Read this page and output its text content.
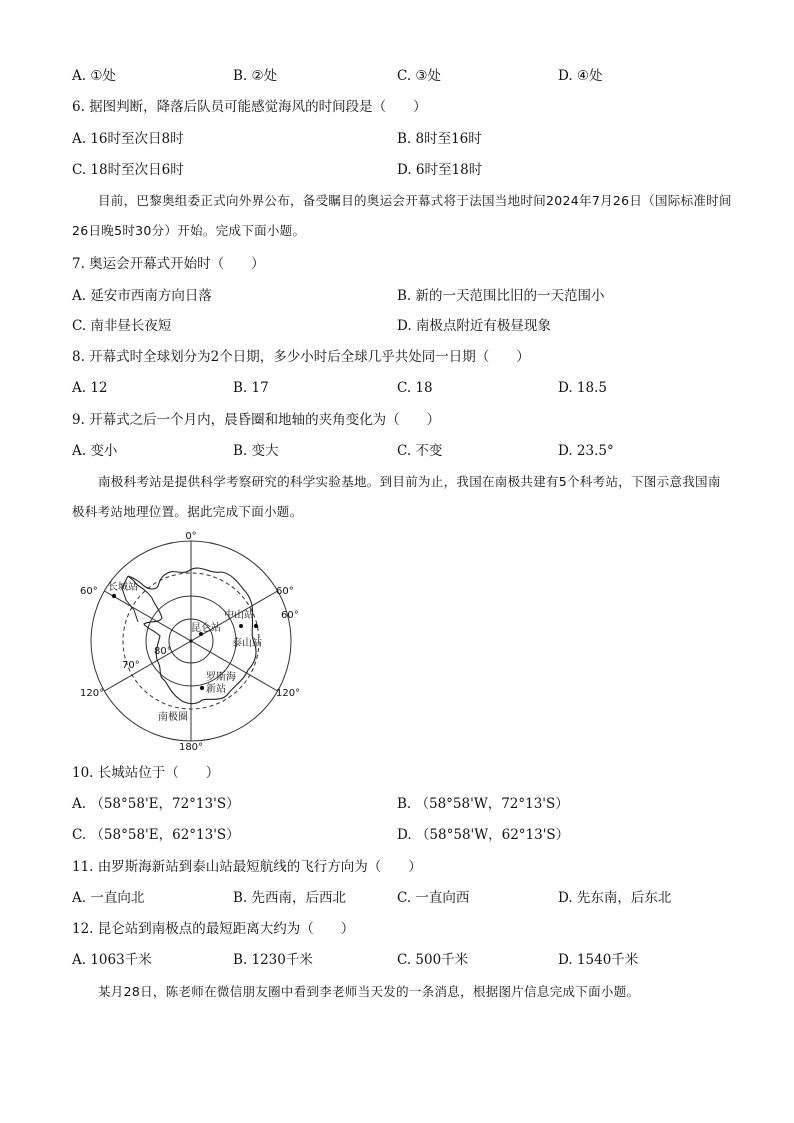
A. ①处	B. ②处	C. ③处	D. ④处
6. 据图判断，降落后队员可能感觉海风的时间段是（　　）
A. 16时至次日8时	B. 8时至16时
C. 18时至次日6时	D. 6时至18时
目前，巴黎奥组委正式向外界公布，备受瞩目的奥运会开幕式将于法国当地时间2024年7月26日（国际标准时间26日晚5时30分）开始。完成下面小题。
7. 奥运会开幕式开始时（　　）
A. 延安市西南方向日落	B. 新的一天范围比旧的一天范围小
C. 南非昼长夜短	D. 南极点附近有极昼现象
8. 开幕式时全球划分为2个日期，多少小时后全球几乎共处同一日期（　　）
A. 12	B. 17	C. 18	D. 18.5
9. 开幕式之后一个月内，晨昏圈和地轴的夹角变化为（　　）
A. 变小	B. 变大	C. 不变	D. 23.5°
南极科考站是提供科学考察研究的科学实验基地。到目前为止，我国在南极共建有5个科考站，下图示意我国南极科考站地理位置。据此完成下面小题。
0°
60°	60°
60°
120°	120°
180°
80°
70°
长城站
中山站
昆仑站
泰山站
罗斯海
新站
南极圈
10. 长城站位于（　　）
A. （58°58'E，72°13'S）	B. （58°58'W，72°13'S）
C. （58°58'E，62°13'S）	D. （58°58'W，62°13'S）
11. 由罗斯海新站到泰山站最短航线的飞行方向为（　　）
A. 一直向北	B. 先西南，后西北	C. 一直向西	D. 先东南，后东北
12. 昆仑站到南极点的最短距离大约为（　　）
A. 1063千米	B. 1230千米	C. 500千米	D. 1540千米
某月28日，陈老师在微信朋友圈中看到李老师当天发的一条消息，根据图片信息完成下面小题。
